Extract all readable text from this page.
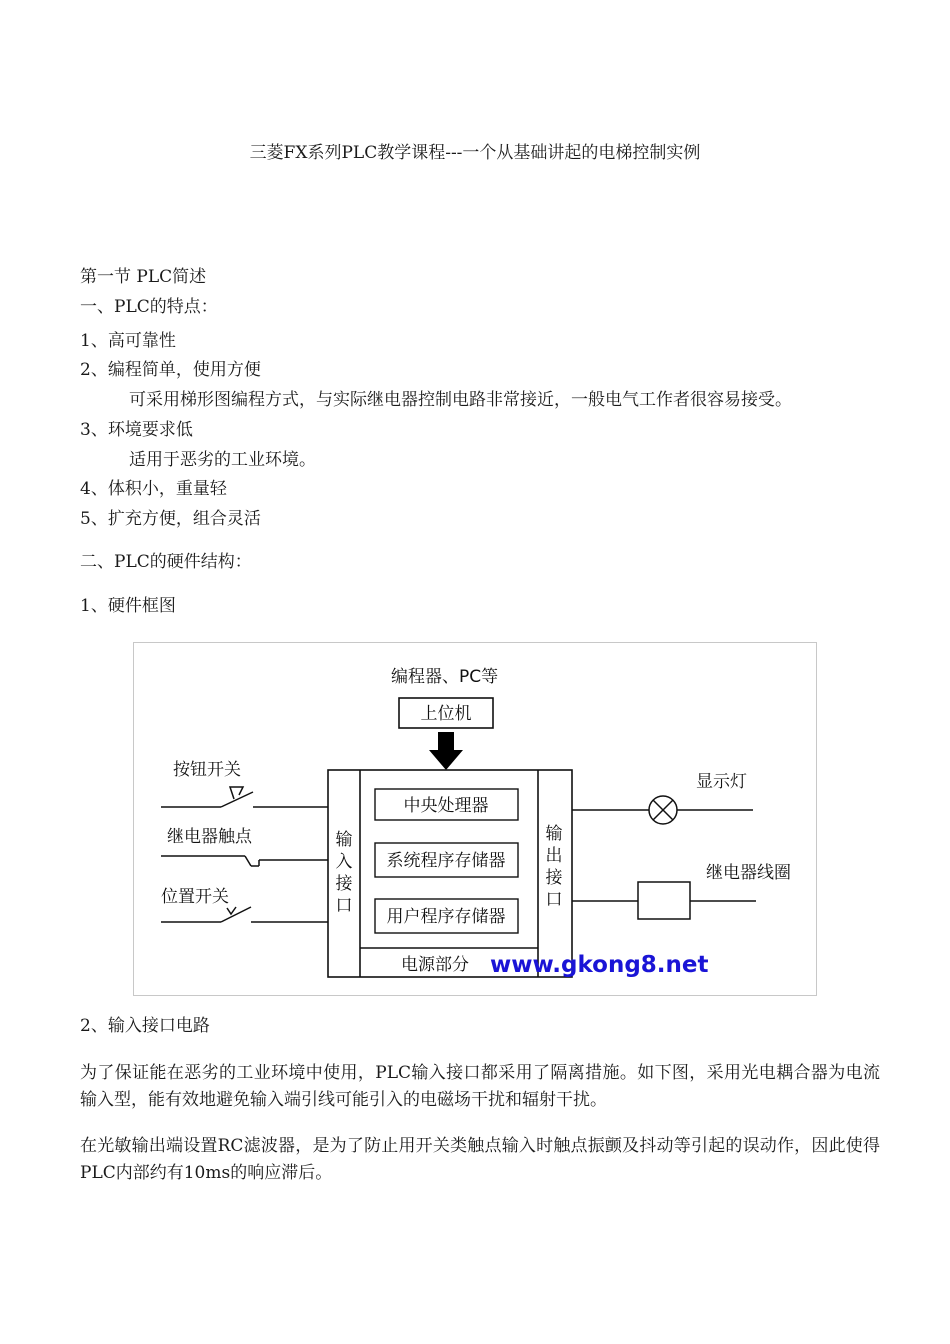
三菱FX系列PLC教学课程---一个从基础讲起的电梯控制实例
第一节 PLC简述
一、PLC的特点：
1、高可靠性
2、编程简单，使用方便
可采用梯形图编程方式，与实际继电器控制电路非常接近，一般电气工作者很容易接受。
3、环境要求低
适用于恶劣的工业环境。
4、体积小，重量轻
5、扩充方便，组合灵活
二、PLC的硬件结构：
1、硬件框图
编程器、PC等
上位机
输
入
接
口
输
出
接
口
中央处理器
系统程序存储器
用户程序存储器
电源部分 www.gkong8.net
按钮开关
继电器触点
位置开关
显示灯
继电器线圈
2、输入接口电路
为了保证能在恶劣的工业环境中使用，PLC输入接口都采用了隔离措施。如下图，采用光电耦合器为电流输入型，能有效地避免输入端引线可能引入的电磁场干扰和辐射干扰。
在光敏输出端设置RC滤波器，是为了防止用开关类触点输入时触点振颤及抖动等引起的误动作，因此使得PLC内部约有10ms的响应滞后。
